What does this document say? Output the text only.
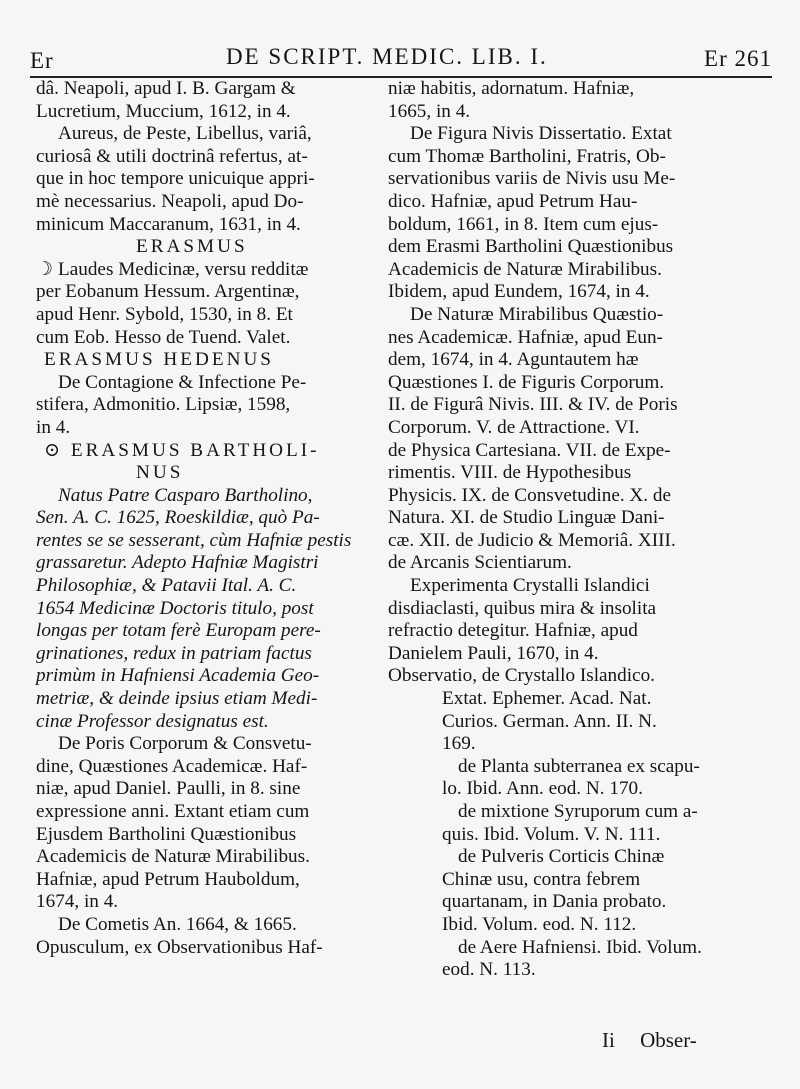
Er	DE SCRIPT. MEDIC. LIB. I.	Er 261
dâ. Neapoli, apud I. B. Gargam &
Lucretium, Muccium, 1612, in 4.
Aureus, de Peste, Libellus, variâ,
curiosâ & utili doctrinâ refertus, at-
que in hoc tempore unicuique appri-
mè necessarius. Neapoli, apud Do-
minicum Maccaranum, 1631, in 4.
ERASMUS
☽ Laudes Medicinæ, versu redditæ
per Eobanum Hessum. Argentinæ,
apud Henr. Sybold, 1530, in 8. Et
cum Eob. Hesso de Tuend. Valet.
ERASMUS HEDENUS
De Contagione & Infectione Pe-
stifera, Admonitio. Lipsiæ, 1598,
in 4.
⊙ ERASMUS BARTHOLI-
NUS
Natus Patre Casparo Bartholino,
Sen. A. C. 1625, Roeskildiæ, quò Pa-
rentes se se sesserant, cùm Hafniæ pestis
grassaretur. Adepto Hafniæ Magistri
Philosophiæ, & Patavii Ital. A. C.
1654 Medicinæ Doctoris titulo, post
longas per totam ferè Europam pere-
grinationes, redux in patriam factus
primùm in Hafniensi Academia Geo-
metriæ, & deinde ipsius etiam Medi-
cinæ Professor designatus est.
De Poris Corporum & Consvetu-
dine, Quæstiones Academicæ. Haf-
niæ, apud Daniel. Paulli, in 8. sine
expressione anni. Extant etiam cum
Ejusdem Bartholini Quæstionibus
Academicis de Naturæ Mirabilibus.
Hafniæ, apud Petrum Hauboldum,
1674, in 4.
De Cometis An. 1664, & 1665.
Opusculum, ex Observationibus Haf-
niæ habitis, adornatum. Hafniæ,
1665, in 4.
De Figura Nivis Dissertatio. Extat
cum Thomæ Bartholini, Fratris, Ob-
servationibus variis de Nivis usu Me-
dico. Hafniæ, apud Petrum Hau-
boldum, 1661, in 8. Item cum ejus-
dem Erasmi Bartholini Quæstionibus
Academicis de Naturæ Mirabilibus.
Ibidem, apud Eundem, 1674, in 4.
De Naturæ Mirabilibus Quæstio-
nes Academicæ. Hafniæ, apud Eun-
dem, 1674, in 4. Aguntautem hæ
Quæstiones I. de Figuris Corporum.
II. de Figurâ Nivis. III. & IV. de Poris
Corporum. V. de Attractione. VI.
de Physica Cartesiana. VII. de Expe-
rimentis. VIII. de Hypothesibus
Physicis. IX. de Consvetudine. X. de
Natura. XI. de Studio Linguæ Dani-
cæ. XII. de Judicio & Memoriâ. XIII.
de Arcanis Scientiarum.
Experimenta Crystalli Islandici
disdiaclasti, quibus mira & insolita
refractio detegitur. Hafniæ, apud
Danielem Pauli, 1670, in 4.
Observatio, de Crystallo Islandico.
Extat. Ephemer. Acad. Nat.
Curios. German. Ann. II. N.
169.
de Planta subterranea ex scapu-
lo. Ibid. Ann. eod. N. 170.
de mixtione Syruporum cum a-
quis. Ibid. Volum. V. N. 111.
de Pulveris Corticis Chinæ
Chinæ usu, contra febrem
quartanam, in Dania probato.
Ibid. Volum. eod. N. 112.
de Aere Hafniensi. Ibid. Volum.
eod. N. 113.
Ii Obser-
